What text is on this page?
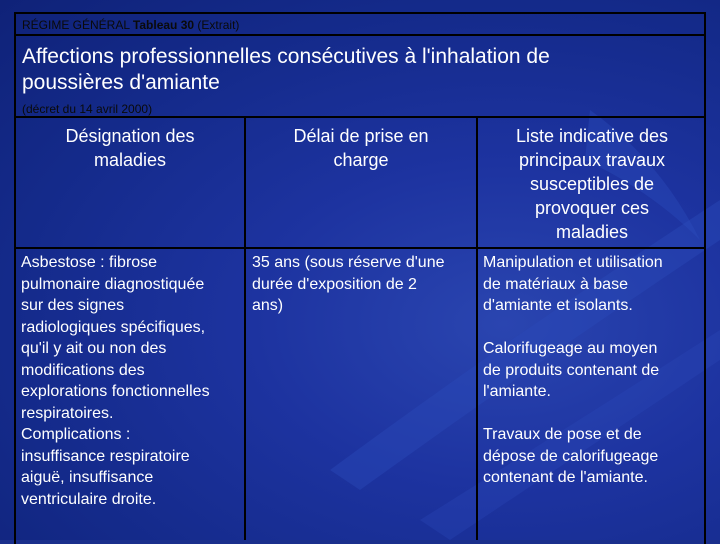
RÉGIME GÉNÉRAL Tableau 30 (Extrait)
Affections professionnelles consécutives à l'inhalation de
poussières d'amiante
(décret du 14 avril 2000)
Désignation des
maladies
Délai de prise en
charge
Liste indicative des
principaux travaux
susceptibles de
provoquer ces
maladies

Asbestose : fibrose

pulmonaire diagnostiquée

sur des signes

radiologiques spécifiques,

qu'il y ait ou non des

modifications des

explorations fonctionnelles

respiratoires.

Complications :

insuffisance respiratoire

aiguë, insuffisance

ventriculaire droite.

35 ans (sous réserve d'une

durée d'exposition de 2

ans)

Manipulation et utilisation

de matériaux à base

d'amiante et isolants.

Calorifugeage au moyen

de produits contenant de

l'amiante.

Travaux de pose et de

dépose de calorifugeage

contenant de l'amiante.
